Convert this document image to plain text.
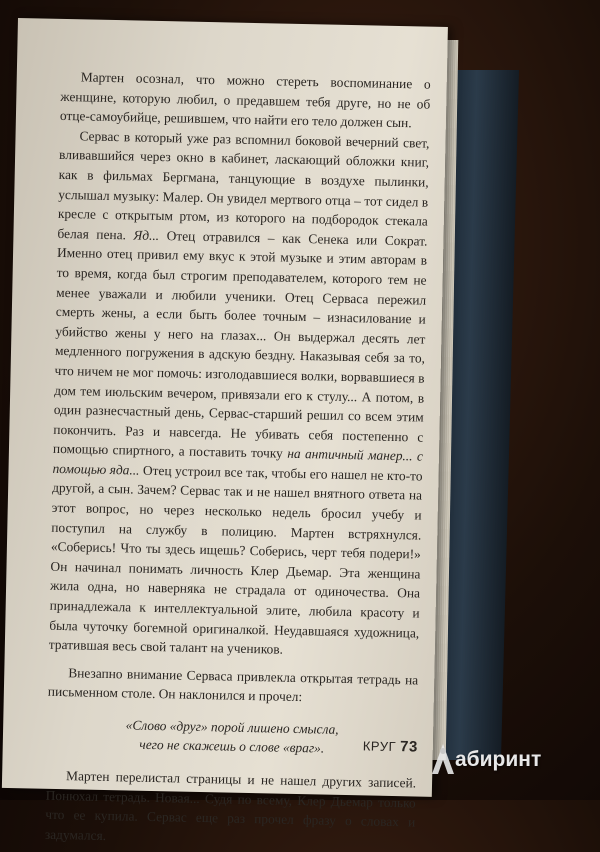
Мартен осознал, что можно стереть воспоминание о женщине, которую любил, о предавшем тебя друге, но не об отце-самоубийце, решившем, что найти его тело должен сын.

Сервас в который уже раз вспомнил боковой вечерний свет, вливавшийся через окно в кабинет, ласкающий обложки книг, как в фильмах Бергмана, танцующие в воздухе пылинки, услышал музыку: Малер. Он увидел мертвого отца – тот сидел в кресле с открытым ртом, из которого на подбородок стекала белая пена. Яд... Отец отравился – как Сенека или Сократ. Именно отец привил ему вкус к этой музыке и этим авторам в то время, когда был строгим преподавателем, которого тем не менее уважали и любили ученики. Отец Серваса пережил смерть жены, а если быть более точным – изнасилование и убийство жены у него на глазах... Он выдержал десять лет медленного погружения в адскую бездну. Наказывая себя за то, что ничем не мог помочь: изголодавшиеся волки, ворвавшиеся в дом тем июльским вечером, привязали его к стулу... А потом, в один разнесчастный день, Сервас-старший решил со всем этим покончить. Раз и навсегда. Не убивать себя постепенно с помощью спиртного, а поставить точку на античный манер... с помощью яда... Отец устроил все так, чтобы его нашел не кто-то другой, а сын. Зачем? Сервас так и не нашел внятного ответа на этот вопрос, но через несколько недель бросил учебу и поступил на службу в полицию. Мартен встряхнулся. «Соберись! Что ты здесь ищешь? Соберись, черт тебя подери!» Он начинал понимать личность Клер Дьемар. Эта женщина жила одна, но наверняка не страдала от одиночества. Она принадлежала к интеллектуальной элите, любила красоту и была чуточку богемной оригиналкой. Неудавшаяся художница, тратившая весь свой талант на учеников.

Внезапно внимание Серваса привлекла открытая тетрадь на письменном столе. Он наклонился и прочел:

«Слово «друг» порой лишено смысла,
чего не скажешь о слове «враг».

Мартен перелистал страницы и не нашел других записей. Понюхал тетрадь. Новая... Судя по всему, Клер Дьемар только что ее купила. Сервас еще раз прочел фразу о словах и задумался.

КРУГ 73
абиринт
